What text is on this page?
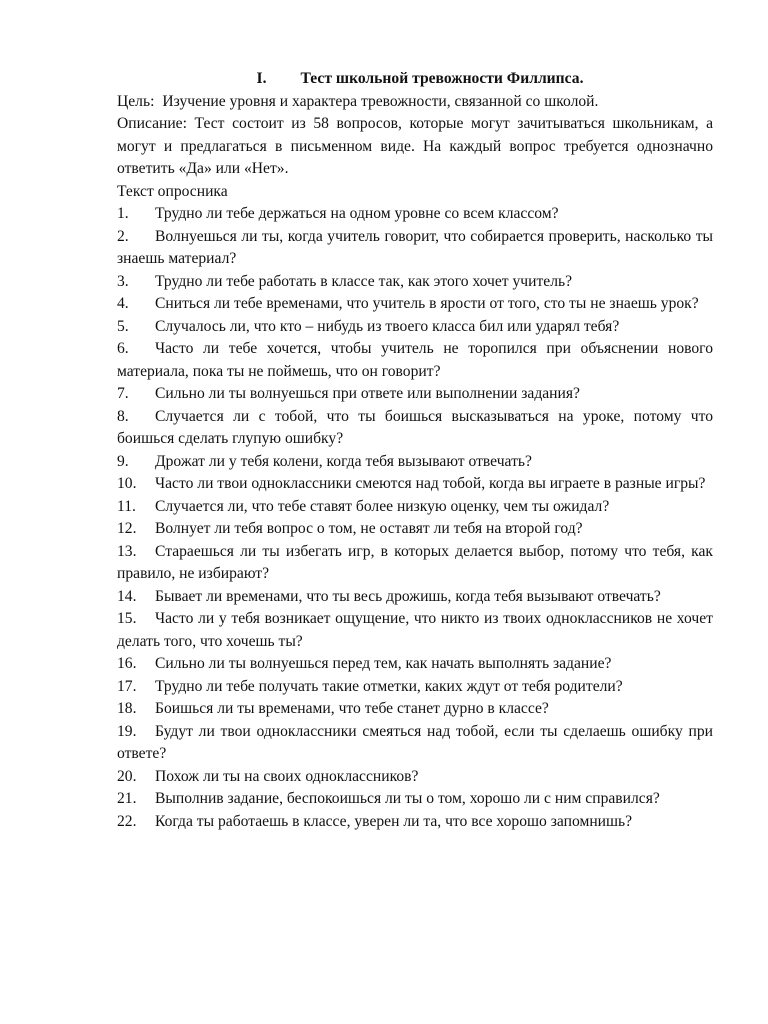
I. Тест школьной тревожности Филлипса.

Цель: Изучение уровня и характера тревожности, связанной со школой.

Описание: Тест состоит из 58 вопросов, которые могут зачитываться школьникам, а могут и предлагаться в письменном виде. На каждый вопрос требуется однозначно ответить «Да» или «Нет».

Текст опросника

1.	Трудно ли тебе держаться на одном уровне со всем классом?

2. Волнуешься ли ты, когда учитель говорит, что собирается проверить, насколько ты знаешь материал?

3. Трудно ли тебе работать в классе так, как этого хочет учитель?

4. Сниться ли тебе временами, что учитель в ярости от того, сто ты не знаешь урок?

5. Случалось ли, что кто – нибудь из твоего класса бил или ударял тебя?

6. Часто ли тебе хочется, чтобы учитель не торопился при объяснении нового материала, пока ты не поймешь, что он говорит?

7. Сильно ли ты волнуешься при ответе или выполнении задания?

8. Случается ли с тобой, что ты боишься высказываться на уроке, потому что боишься сделать глупую ошибку?

9. Дрожат ли у тебя колени, когда тебя вызывают отвечать?

10. Часто ли твои одноклассники смеются над тобой, когда вы играете в разные игры?

11. Случается ли, что тебе ставят более низкую оценку, чем ты ожидал?

12. Волнует ли тебя вопрос о том, не оставят ли тебя на второй год?

13. Стараешься ли ты избегать игр, в которых делается выбор, потому что тебя, как правило, не избирают?

14. Бывает ли временами, что ты весь дрожишь, когда тебя вызывают отвечать?

15. Часто ли у тебя возникает ощущение, что никто из твоих одноклассников не хочет делать того, что хочешь ты?

16. Сильно ли ты волнуешься перед тем, как начать выполнять задание?

17. Трудно ли тебе получать такие отметки, каких ждут от тебя родители?

18. Боишься ли ты временами, что тебе станет дурно в классе?

19. Будут ли твои одноклассники смеяться над тобой, если ты сделаешь ошибку при ответе?

20. Похож ли ты на своих одноклассников?

21. Выполнив задание, беспокоишься ли ты о том, хорошо ли с ним справился?

22. Когда ты работаешь в классе, уверен ли та, что все хорошо запомнишь?
